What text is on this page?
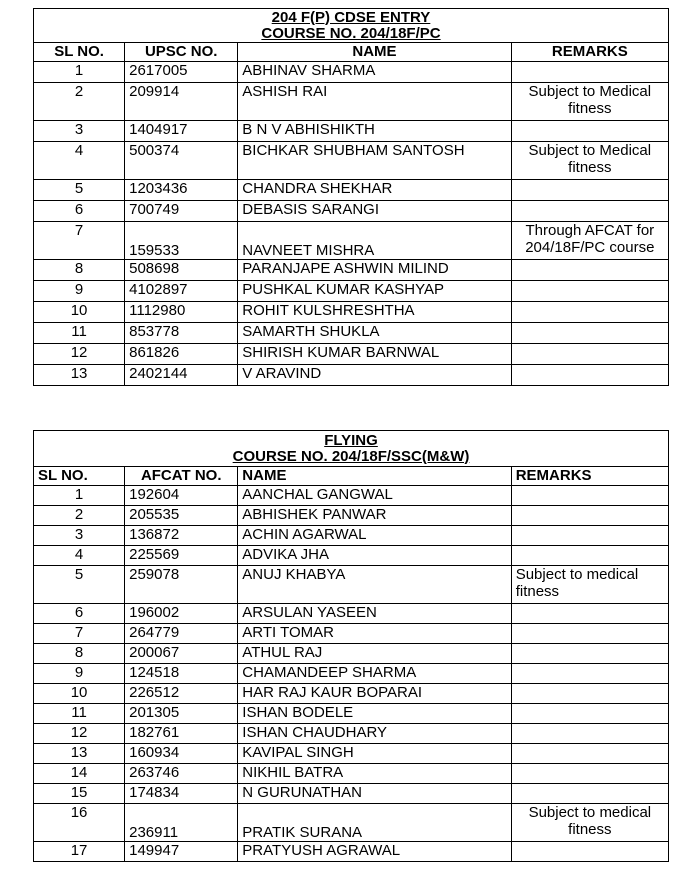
204 F(P) CDSE ENTRY
COURSE NO. 204/18F/PC			

SL NO.	UPSC NO.	NAME	REMARKS
1	2617005	ABHINAV SHARMA	
2	209914	ASHISH RAI	Subject to Medical fitness
3	1404917	B N V ABHISHIKTH	
4	500374	BICHKAR SHUBHAM SANTOSH	Subject to Medical fitness
5	1203436	CHANDRA SHEKHAR	
6	700749	DEBASIS SARANGI	
7	159533	NAVNEET MISHRA	Through AFCAT for 204/18F/PC course
8	508698	PARANJAPE ASHWIN MILIND	
9	4102897	PUSHKAL KUMAR KASHYAP	
10	1112980	ROHIT KULSHRESHTHA	
11	853778	SAMARTH SHUKLA	
12	861826	SHIRISH KUMAR BARNWAL	
13	2402144	V ARAVIND	
FLYING
COURSE NO. 204/18F/SSC(M&W)			

SL NO.	AFCAT NO.	NAME	REMARKS
1	192604	AANCHAL GANGWAL	
2	205535	ABHISHEK PANWAR	
3	136872	ACHIN AGARWAL	
4	225569	ADVIKA JHA	
5	259078	ANUJ KHABYA	Subject to medical fitness
6	196002	ARSULAN YASEEN	
7	264779	ARTI TOMAR	
8	200067	ATHUL RAJ	
9	124518	CHAMANDEEP SHARMA	
10	226512	HAR RAJ KAUR BOPARAI	
11	201305	ISHAN BODELE	
12	182761	ISHAN CHAUDHARY	
13	160934	KAVIPAL SINGH	
14	263746	NIKHIL BATRA	
15	174834	N GURUNATHAN	
16	236911	PRATIK SURANA	Subject to medical fitness
17	149947	PRATYUSH AGRAWAL	
